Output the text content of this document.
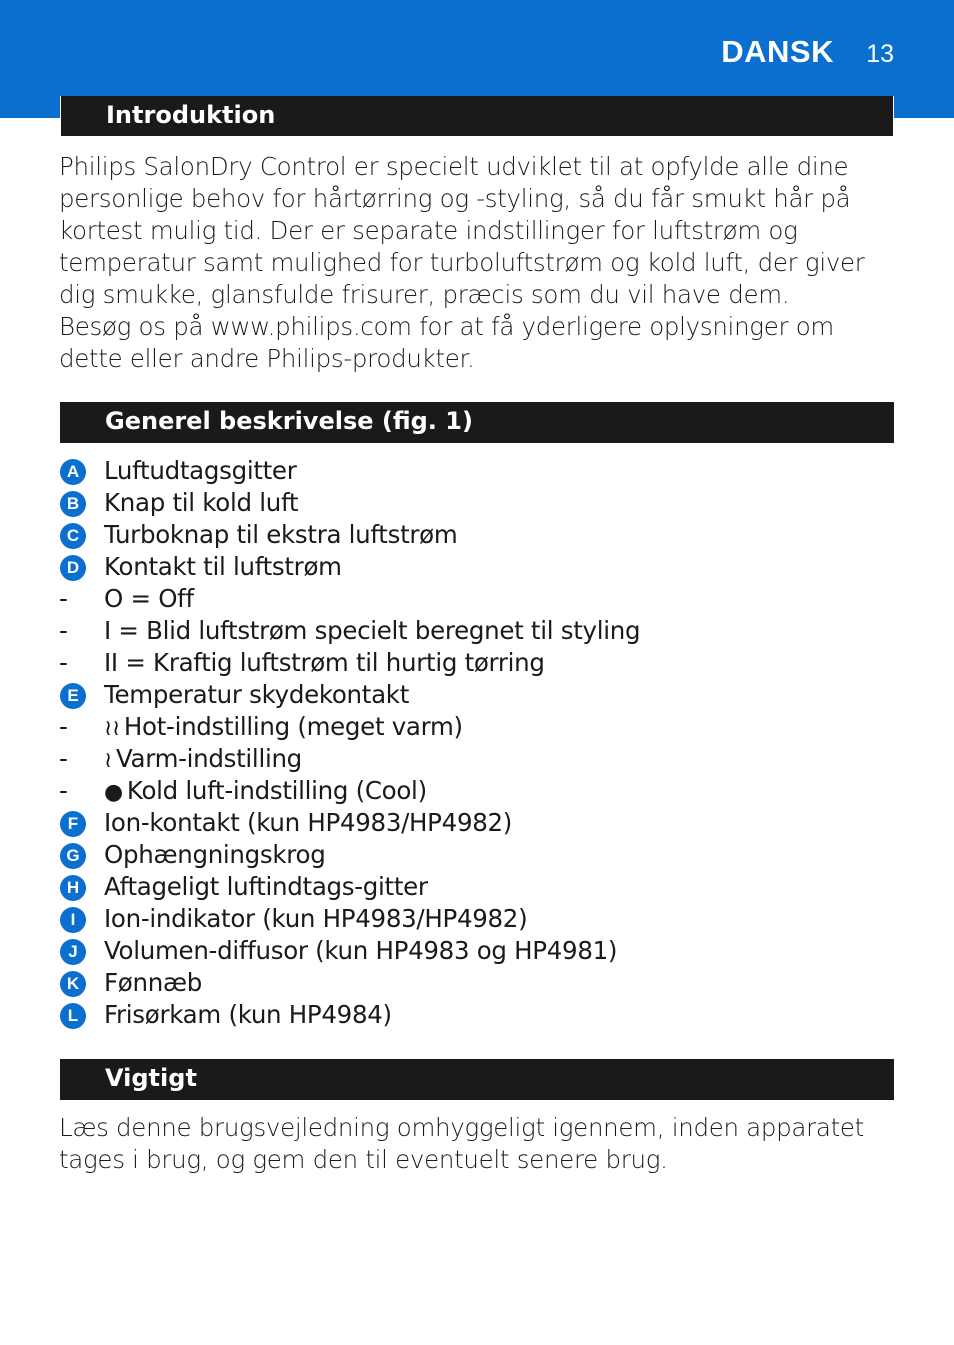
DANSK 13
Introduktion

Philips SalonDry Control er specielt udviklet til at opfylde alle dine personlige behov for hårtørring og -styling, så du får smukt hår på kortest mulig tid. Der er separate indstillinger for luftstrøm og temperatur samt mulighed for turboluftstrøm og kold luft, der giver dig smukke, glansfulde frisurer, præcis som du vil have dem.

Besøg os på www.philips.com for at få yderligere oplysninger om dette eller andre Philips-produkter.

Generel beskrivelse (fig. 1)
A Luftudtagsgitter
B Knap til kold luft
C Turboknap til ekstra luftstrøm
D Kontakt til luftstrøm
-	O = Off
-	I = Blid luftstrøm specielt beregnet til styling
-	II = Kraftig luftstrøm til hurtig tørring
E Temperatur skydekontakt
-	≀≀ Hot-indstilling (meget varm)
-	≀ Varm-indstilling
-	● Kold luft-indstilling (Cool)
F	Ion-kontakt (kun HP4983/HP4982)
G Ophængningskrog
H Aftageligt luftindtags-gitter
I	Ion-indikator (kun HP4983/HP4982)
J	Volumen-diffusor (kun HP4983 og HP4981)
K Fønnæb
L	Frisørkam (kun HP4984)
Vigtigt

Læs denne brugsvejledning omhyggeligt igennem, inden apparatet tages i brug, og gem den til eventuelt senere brug.
